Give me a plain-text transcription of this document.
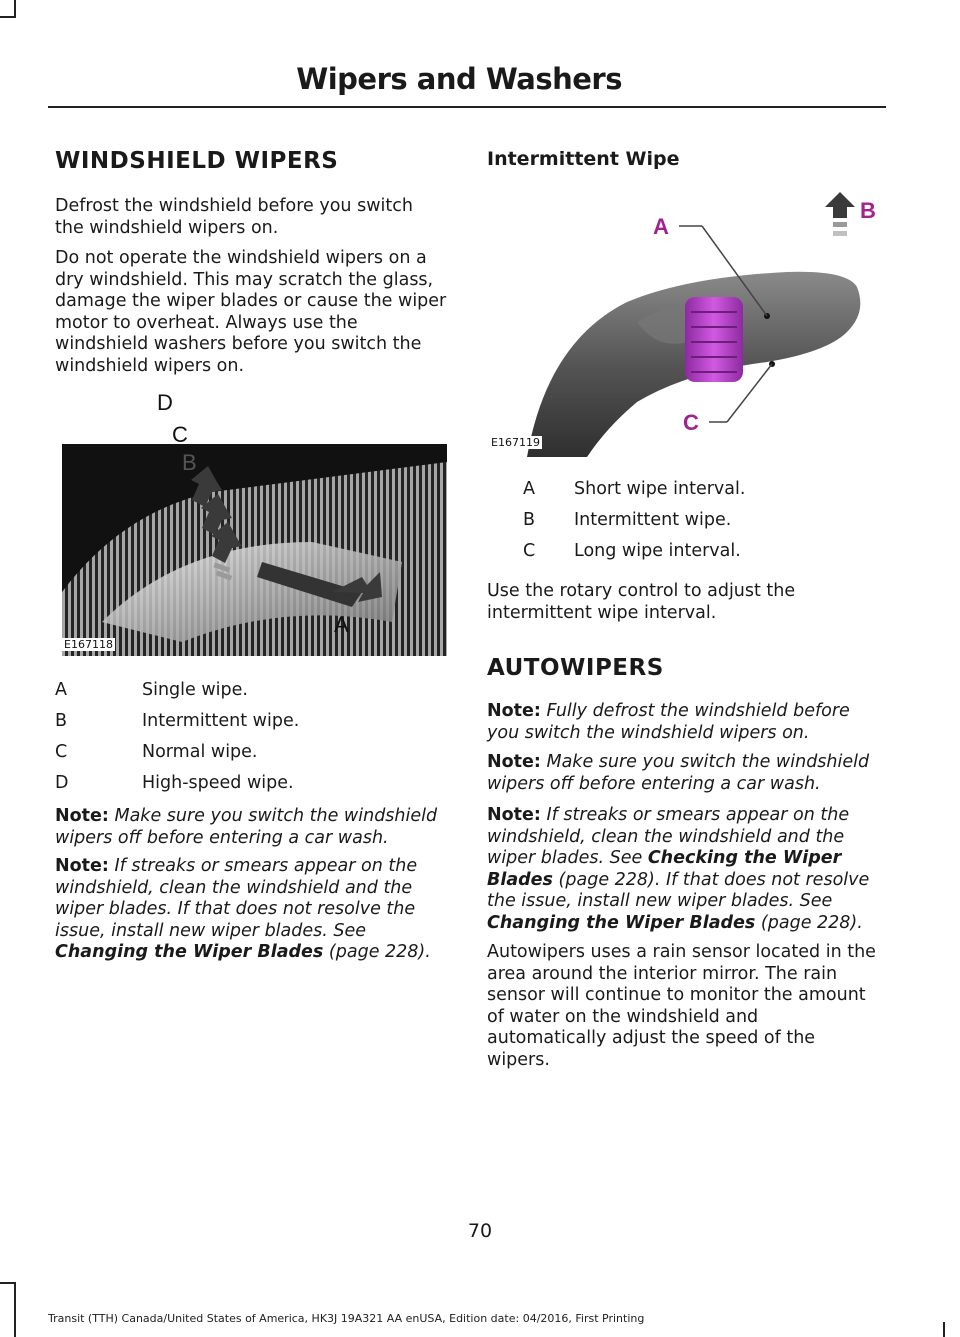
Wipers and Washers
WINDSHIELD WIPERS

Defrost the windshield before you switch the windshield wipers on.

Do not operate the windshield wipers on a dry windshield. This may scratch the glass, damage the wiper blades or cause the wiper motor to overheat. Always use the windshield washers before you switch the windshield wipers on.

D
C
B
A
E167118
A	Single wipe.
B	Intermittent wipe.
C	Normal wipe.
D	High-speed wipe.

Note: Make sure you switch the windshield wipers off before entering a car wash.

Note: If streaks or smears appear on the windshield, clean the windshield and the wiper blades. If that does not resolve the issue, install new wiper blades. See Changing the Wiper Blades (page 228).

Intermittent Wipe
A
B
C
E167119
A	Short wipe interval.
B	Intermittent wipe.
C	Long wipe interval.

Use the rotary control to adjust the intermittent wipe interval.

AUTOWIPERS

Note: Fully defrost the windshield before you switch the windshield wipers on.

Note: Make sure you switch the windshield wipers off before entering a car wash.

Note: If streaks or smears appear on the windshield, clean the windshield and the wiper blades. See Checking the Wiper Blades (page 228). If that does not resolve the issue, install new wiper blades. See Changing the Wiper Blades (page 228).

Autowipers uses a rain sensor located in the area around the interior mirror. The rain sensor will continue to monitor the amount of water on the windshield and automatically adjust the speed of the wipers.

70
Transit (TTH) Canada/United States of America, HK3J 19A321 AA enUSA, Edition date: 04/2016, First Printing
